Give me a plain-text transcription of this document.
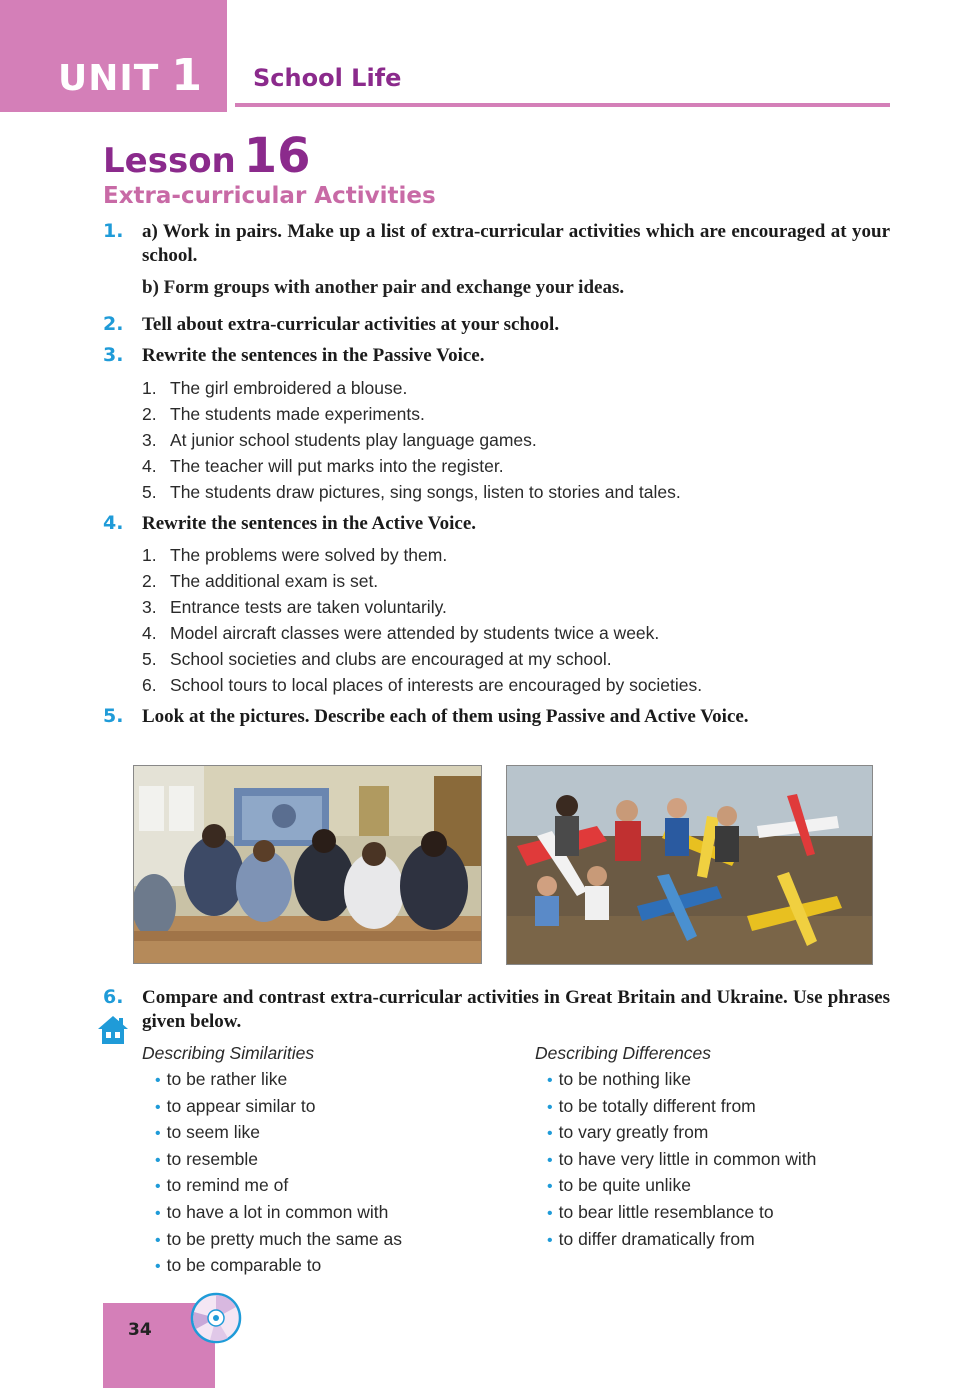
UNIT 1 School Life
Lesson 16
Extra-curricular Activities
1. a) Work in pairs. Make up a list of extra-curricular activities which are encouraged at your school.
b) Form groups with another pair and exchange your ideas.
2. Tell about extra-curricular activities at your school.
3. Rewrite the sentences in the Passive Voice.
1. The girl embroidered a blouse.
2. The students made experiments.
3. At junior school students play language games.
4. The teacher will put marks into the register.
5. The students draw pictures, sing songs, listen to stories and tales.
4. Rewrite the sentences in the Active Voice.
1. The problems were solved by them.
2. The additional exam is set.
3. Entrance tests are taken voluntarily.
4. Model aircraft classes were attended by students twice a week.
5. School societies and clubs are encouraged at my school.
6. School tours to local places of interests are encouraged by societies.
5. Look at the pictures. Describe each of them using Passive and Active Voice.
6. Compare and contrast extra-curricular activities in Great Britain and Ukraine. Use phrases given below.
Describing Similarities	Describing Differences
• to be rather like
• to appear similar to
• to seem like
• to resemble
• to remind me of
• to have a lot in common with
• to be pretty much the same as
• to be comparable to
• to be nothing like
• to be totally different from
• to vary greatly from
• to have very little in common with
• to be quite unlike
• to bear little resemblance to
• to differ dramatically from
34
